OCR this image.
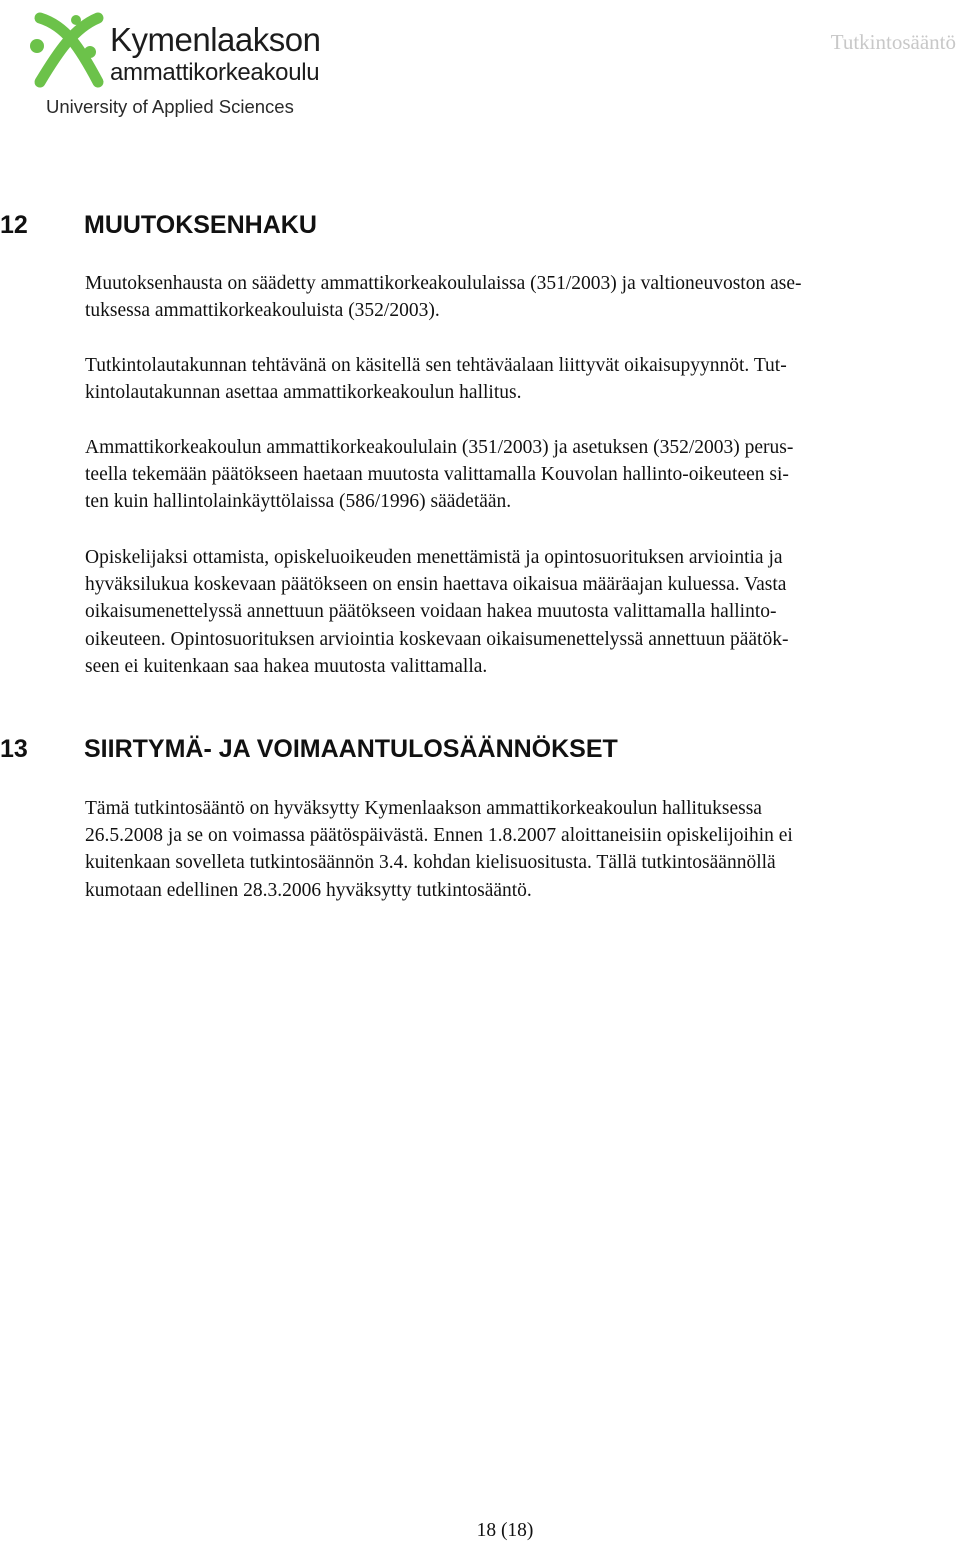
Kymenlaakson
ammattikorkeakoulu
University of Applied Sciences
Tutkintosääntö
12 MUUTOKSENHAKU

Muutoksenhausta on säädetty ammattikorkeakoululaissa (351/2003) ja valtioneuvoston ase-
tuksessa ammattikorkeakouluista (352/2003).

Tutkintolautakunnan tehtävänä on käsitellä sen tehtäväalaan liittyvät oikaisupyynnöt. Tut-
kintolautakunnan asettaa ammattikorkeakoulun hallitus.

Ammattikorkeakoulun ammattikorkeakoululain (351/2003) ja asetuksen (352/2003) perus-
teella tekemään päätökseen haetaan muutosta valittamalla Kouvolan hallinto-oikeuteen si-
ten kuin hallintolainkäyttölaissa (586/1996) säädetään.

Opiskelijaksi ottamista, opiskeluoikeuden menettämistä ja opintosuorituksen arviointia ja
hyväksilukua koskevaan päätökseen on ensin haettava oikaisua määräajan kuluessa. Vasta
oikaisumenettelyssä annettuun päätökseen voidaan hakea muutosta valittamalla hallinto-
oikeuteen. Opintosuorituksen arviointia koskevaan oikaisumenettelyssä annettuun päätök-
seen ei kuitenkaan saa hakea muutosta valittamalla.

13 SIIRTYMÄ- JA VOIMAANTULOSÄÄNNÖKSET

Tämä tutkintosääntö on hyväksytty Kymenlaakson ammattikorkeakoulun hallituksessa
26.5.2008 ja se on voimassa päätöspäivästä. Ennen 1.8.2007 aloittaneisiin opiskelijoihin ei
kuitenkaan sovelleta tutkintosäännön 3.4. kohdan kielisuositusta. Tällä tutkintosäännöllä
kumotaan edellinen 28.3.2006 hyväksytty tutkintosääntö.

18 (18)
